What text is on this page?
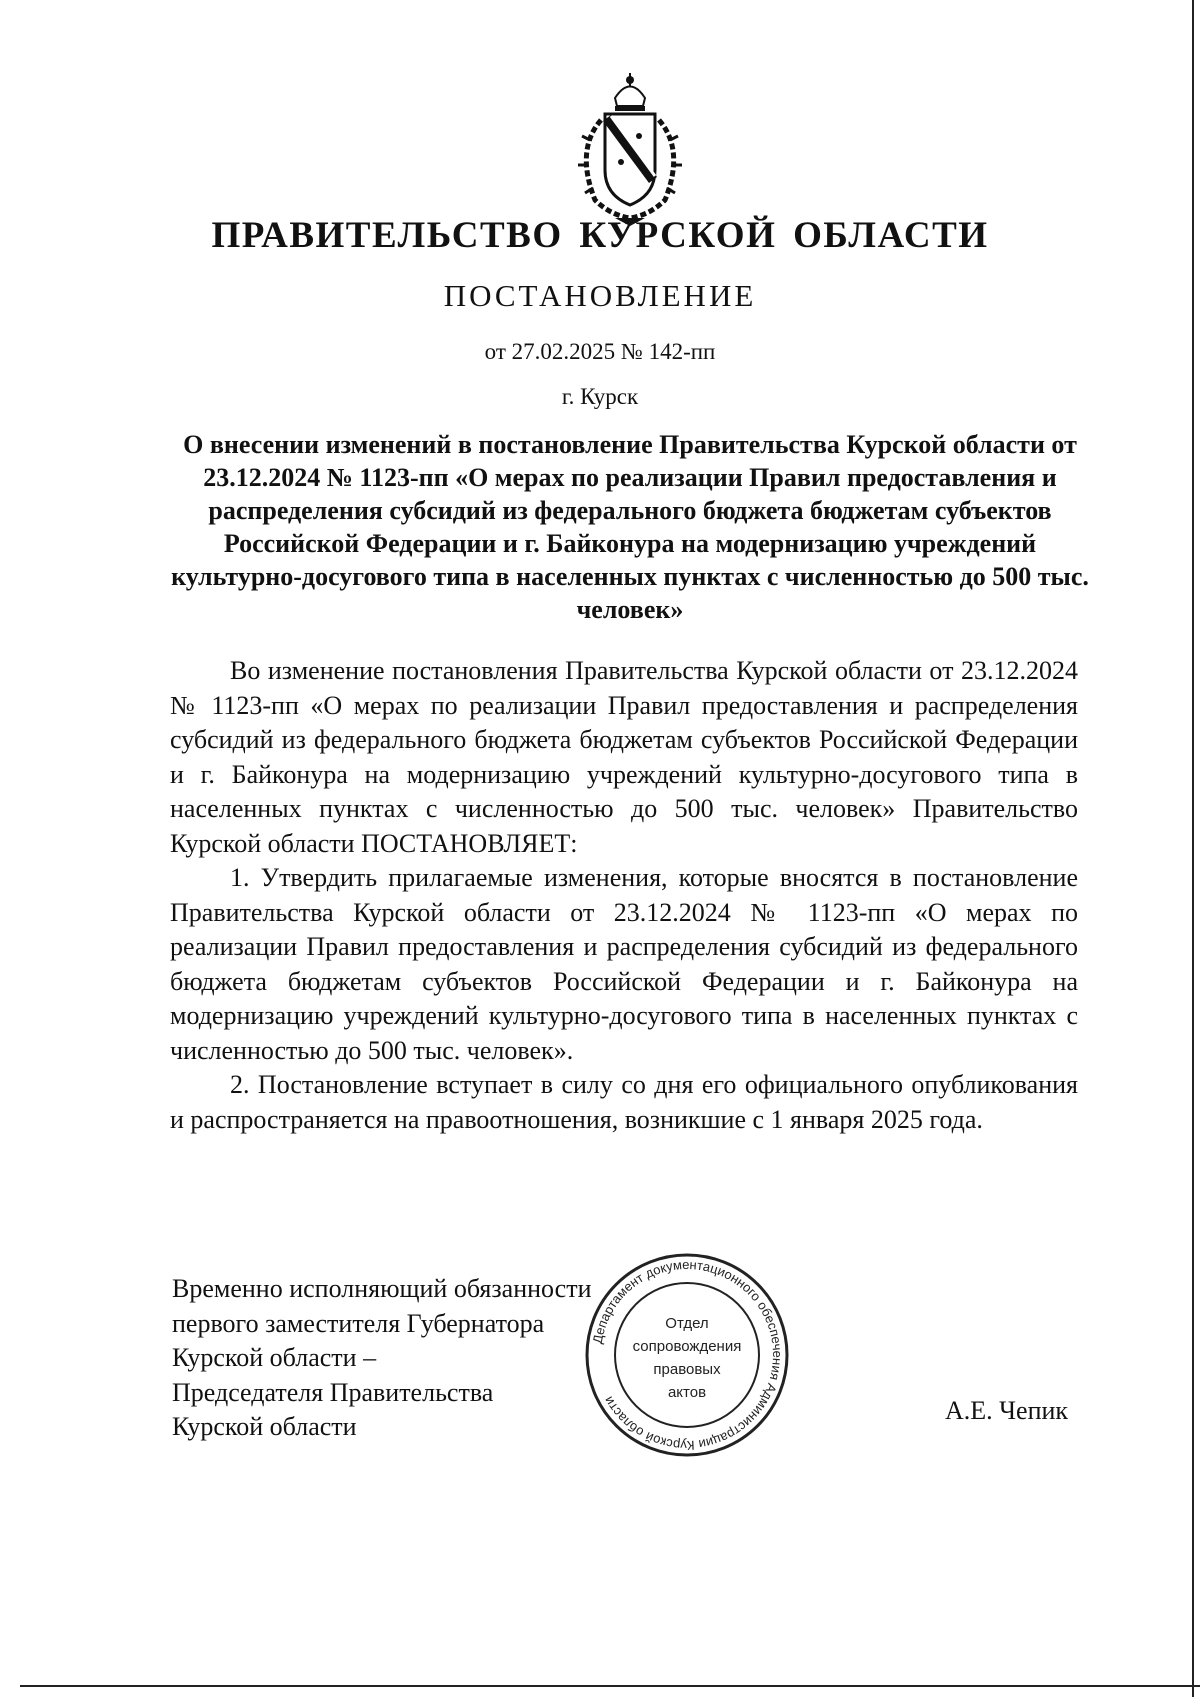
ПРАВИТЕЛЬСТВО КУРСКОЙ ОБЛАСТИ
ПОСТАНОВЛЕНИЕ
от 27.02.2025 № 142-пп
г. Курск
О внесении изменений в постановление Правительства Курской области от 23.12.2024 № 1123-пп «О мерах по реализации Правил предоставления и распределения субсидий из федерального бюджета бюджетам субъектов Российской Федерации и г. Байконура на модернизацию учреждений культурно-досугового типа в населенных пунктах с численностью до 500 тыс. человек»

Во изменение постановления Правительства Курской области от 23.12.2024 № 1123-пп «О мерах по реализации Правил предоставления и распределения субсидий из федерального бюджета бюджетам субъектов Российской Федерации и г. Байконура на модернизацию учреждений культурно-досугового типа в населенных пунктах с численностью до 500 тыс. человек» Правительство Курской области ПОСТАНОВЛЯЕТ:

1. Утвердить прилагаемые изменения, которые вносятся в постановление Правительства Курской области от 23.12.2024 № 1123-пп «О мерах по реализации Правил предоставления и распределения субсидий из федерального бюджета бюджетам субъектов Российской Федерации и г. Байконура на модернизацию учреждений культурно-досугового типа в населенных пунктах с численностью до 500 тыс. человек».

2. Постановление вступает в силу со дня его официального опубликования и распространяется на правоотношения, возникшие с 1 января 2025 года.

Временно исполняющий обязанности
первого заместителя Губернатора
Курской области –
Председателя Правительства
Курской области
Департамент документационного обеспечения Администрации Курской области
Отдел
сопровождения
правовых
актов
А.Е. Чепик
